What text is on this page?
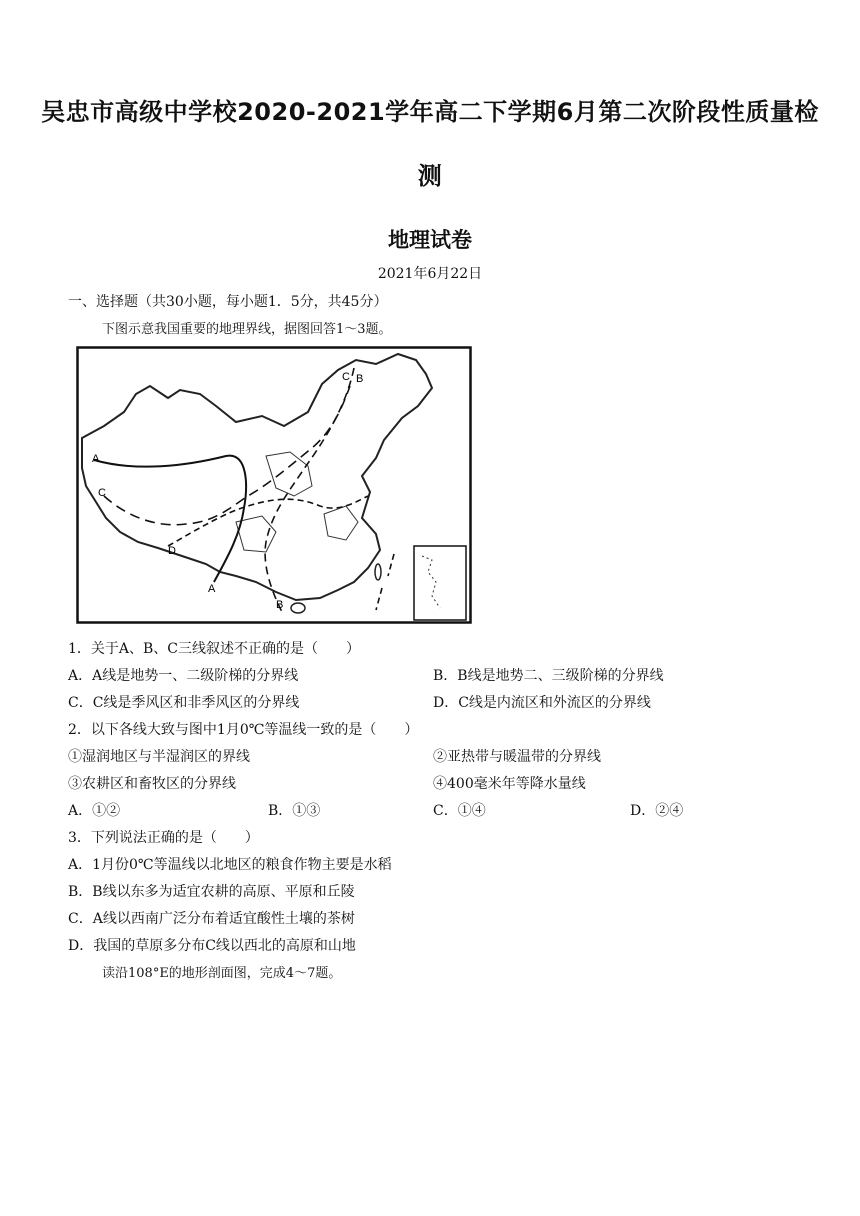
吴忠市高级中学校2020-2021学年高二下学期6月第二次阶段性质量检
测
地理试卷
2021年6月22日
一、选择题（共30小题，每小题1．5分，共45分）
下图示意我国重要的地理界线，据图回答1～3题。
A
B
C
D
A
B
C
1．关于A、B、C三线叙述不正确的是（　　）
A．A线是地势一、二级阶梯的分界线	B．B线是地势二、三级阶梯的分界线
C．C线是季风区和非季风区的分界线	D．C线是内流区和外流区的分界线
2．以下各线大致与图中1月0℃等温线一致的是（　　）
①湿润地区与半湿润区的界线	②亚热带与暖温带的分界线
③农耕区和畜牧区的分界线	④400毫米年等降水量线
A．①②	B．①③	C．①④	D．②④
3．下列说法正确的是（　　）
A．1月份0℃等温线以北地区的粮食作物主要是水稻
B．B线以东多为适宜农耕的高原、平原和丘陵
C．A线以西南广泛分布着适宜酸性土壤的茶树
D．我国的草原多分布C线以西北的高原和山地
读沿108°E的地形剖面图，完成4～7题。
